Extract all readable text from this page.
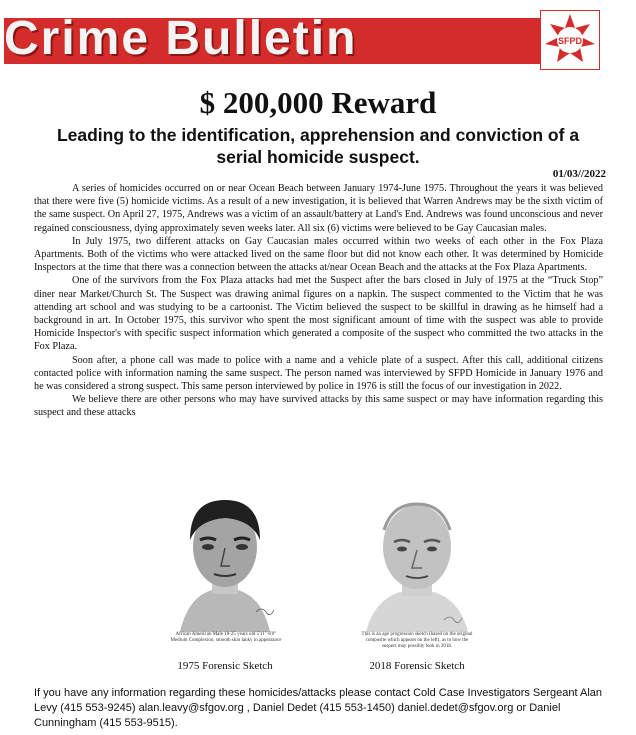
Crime Bulletin	SFPD
$ 200,000 Reward
Leading to the identification, apprehension and conviction of a serial homicide suspect.
01/03//2022

A series of homicides occurred on or near Ocean Beach between January 1974-June 1975. Throughout the years it was believed that there were five (5) homicide victims. As a result of a new investigation, it is believed that Warren Andrews may be the sixth victim of the same suspect. On April 27, 1975, Andrews was a victim of an assault/battery at Land's End. Andrews was found unconscious and never regained consciousness, dying approximately seven weeks later. All six (6) victims were believed to be Gay Caucasian males.

In July 1975, two different attacks on Gay Caucasian males occurred within two weeks of each other in the Fox Plaza Apartments. Both of the victims who were attacked lived on the same floor but did not know each other. It was determined by Homicide Inspectors at the time that there was a connection between the attacks at/near Ocean Beach and the attacks at the Fox Plaza Apartments.

One of the survivors from the Fox Plaza attacks had met the Suspect after the bars closed in July of 1975 at the “Truck Stop” diner near Market/Church St. The Suspect was drawing animal figures on a napkin. The suspect commented to the Victim that he was attending art school and was studying to be a cartoonist. The Victim believed the suspect to be skillful in drawing as he himself had a background in art. In October 1975, this survivor who spent the most significant amount of time with the suspect was able to provide Homicide Inspector's with specific suspect information which generated a composite of the suspect who committed the two attacks in the Fox Plaza.

Soon after, a phone call was made to police with a name and a vehicle plate of a suspect. After this call, additional citizens contacted police with information naming the same suspect. The person named was interviewed by SFPD Homicide in January 1976 and he was considered a strong suspect. This same person interviewed by police in 1976 is still the focus of our investigation in 2022.

We believe there are other persons who may have survived attacks by this same suspect or may have information regarding this suspect and these attacks

African American Male 18-25 years old 5'11"-6'0" Medium Complexion, smooth skin lanky in appearance
1975 Forensic Sketch
This is an age progression sketch (based on the original composite which appears on the left), as to how the suspect may possibly look in 2018.
2018 Forensic Sketch
If you have any information regarding these homicides/attacks please contact Cold Case Investigators Sergeant Alan Levy (415 553-9245) alan.leavy@sfgov.org , Daniel Dedet (415 553-1450) daniel.dedet@sfgov.org or Daniel Cunningham (415 553-9515).
